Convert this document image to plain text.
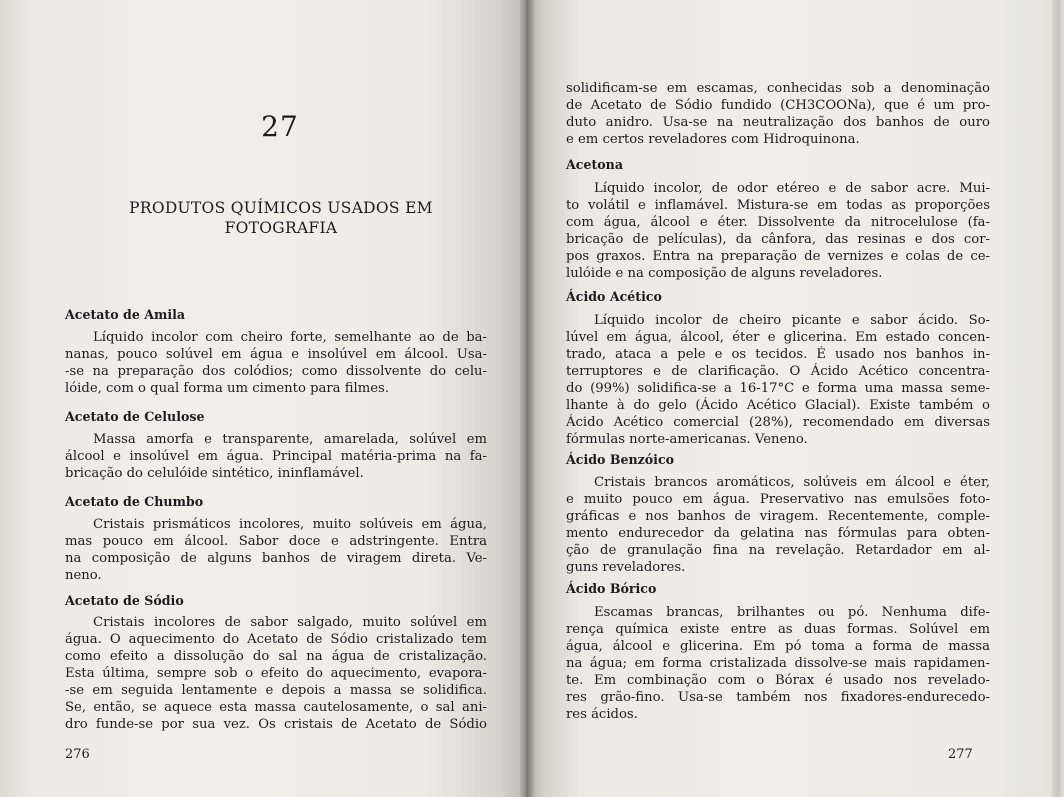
27
PRODUTOS QUÍMICOS USADOS EM
FOTOGRAFIA
Acetato de Amila
Líquido incolor com cheiro forte, semelhante ao de ba-
nanas, pouco solúvel em água e insolúvel em álcool. Usa-
-se na preparação dos colódios; como dissolvente do celu-
lóide, com o qual forma um cimento para filmes.
Acetato de Celulose
Massa amorfa e transparente, amarelada, solúvel em
álcool e insolúvel em água. Principal matéria-prima na fa-
bricação do celulóide sintético, ininflamável.
Acetato de Chumbo
Cristais prismáticos incolores, muito solúveis em água,
mas pouco em álcool. Sabor doce e adstringente. Entra
na composição de alguns banhos de viragem direta. Ve-
neno.
Acetato de Sódio
Cristais incolores de sabor salgado, muito solúvel em
água. O aquecimento do Acetato de Sódio cristalizado tem
como efeito a dissolução do sal na água de cristalização.
Esta última, sempre sob o efeito do aquecimento, evapora-
-se em seguida lentamente e depois a massa se solidifica.
Se, então, se aquece esta massa cautelosamente, o sal ani-
dro funde-se por sua vez. Os cristais de Acetato de Sódio
276
solidificam-se em escamas, conhecidas sob a denominação
de Acetato de Sódio fundido (CH3COONa), que é um pro-
duto anidro. Usa-se na neutralização dos banhos de ouro
e em certos reveladores com Hidroquinona.
Acetona
Líquido incolor, de odor etéreo e de sabor acre. Mui-
to volátil e inflamável. Mistura-se em todas as proporções
com água, álcool e éter. Dissolvente da nitrocelulose (fa-
bricação de películas), da cânfora, das resinas e dos cor-
pos graxos. Entra na preparação de vernizes e colas de ce-
lulóide e na composição de alguns reveladores.
Ácido Acético
Líquido incolor de cheiro picante e sabor ácido. So-
lúvel em água, álcool, éter e glicerina. Em estado concen-
trado, ataca a pele e os tecidos. É usado nos banhos in-
terruptores e de clarificação. O Ácido Acético concentra-
do (99%) solidifica-se a 16-17°C e forma uma massa seme-
lhante à do gelo (Ácido Acético Glacial). Existe também o
Ácido Acético comercial (28%), recomendado em diversas
fórmulas norte-americanas. Veneno.
Ácido Benzóico
Cristais brancos aromáticos, solúveis em álcool e éter,
e muito pouco em água. Preservativo nas emulsões foto-
gráficas e nos banhos de viragem. Recentemente, comple-
mento endurecedor da gelatina nas fórmulas para obten-
ção de granulação fina na revelação. Retardador em al-
guns reveladores.
Ácido Bórico
Escamas brancas, brilhantes ou pó. Nenhuma dife-
rença química existe entre as duas formas. Solúvel em
água, álcool e glicerina. Em pó toma a forma de massa
na água; em forma cristalizada dissolve-se mais rapidamen-
te. Em combinação com o Bórax é usado nos revelado-
res grão-fino. Usa-se também nos fixadores-endurecedo-
res ácidos.
277
